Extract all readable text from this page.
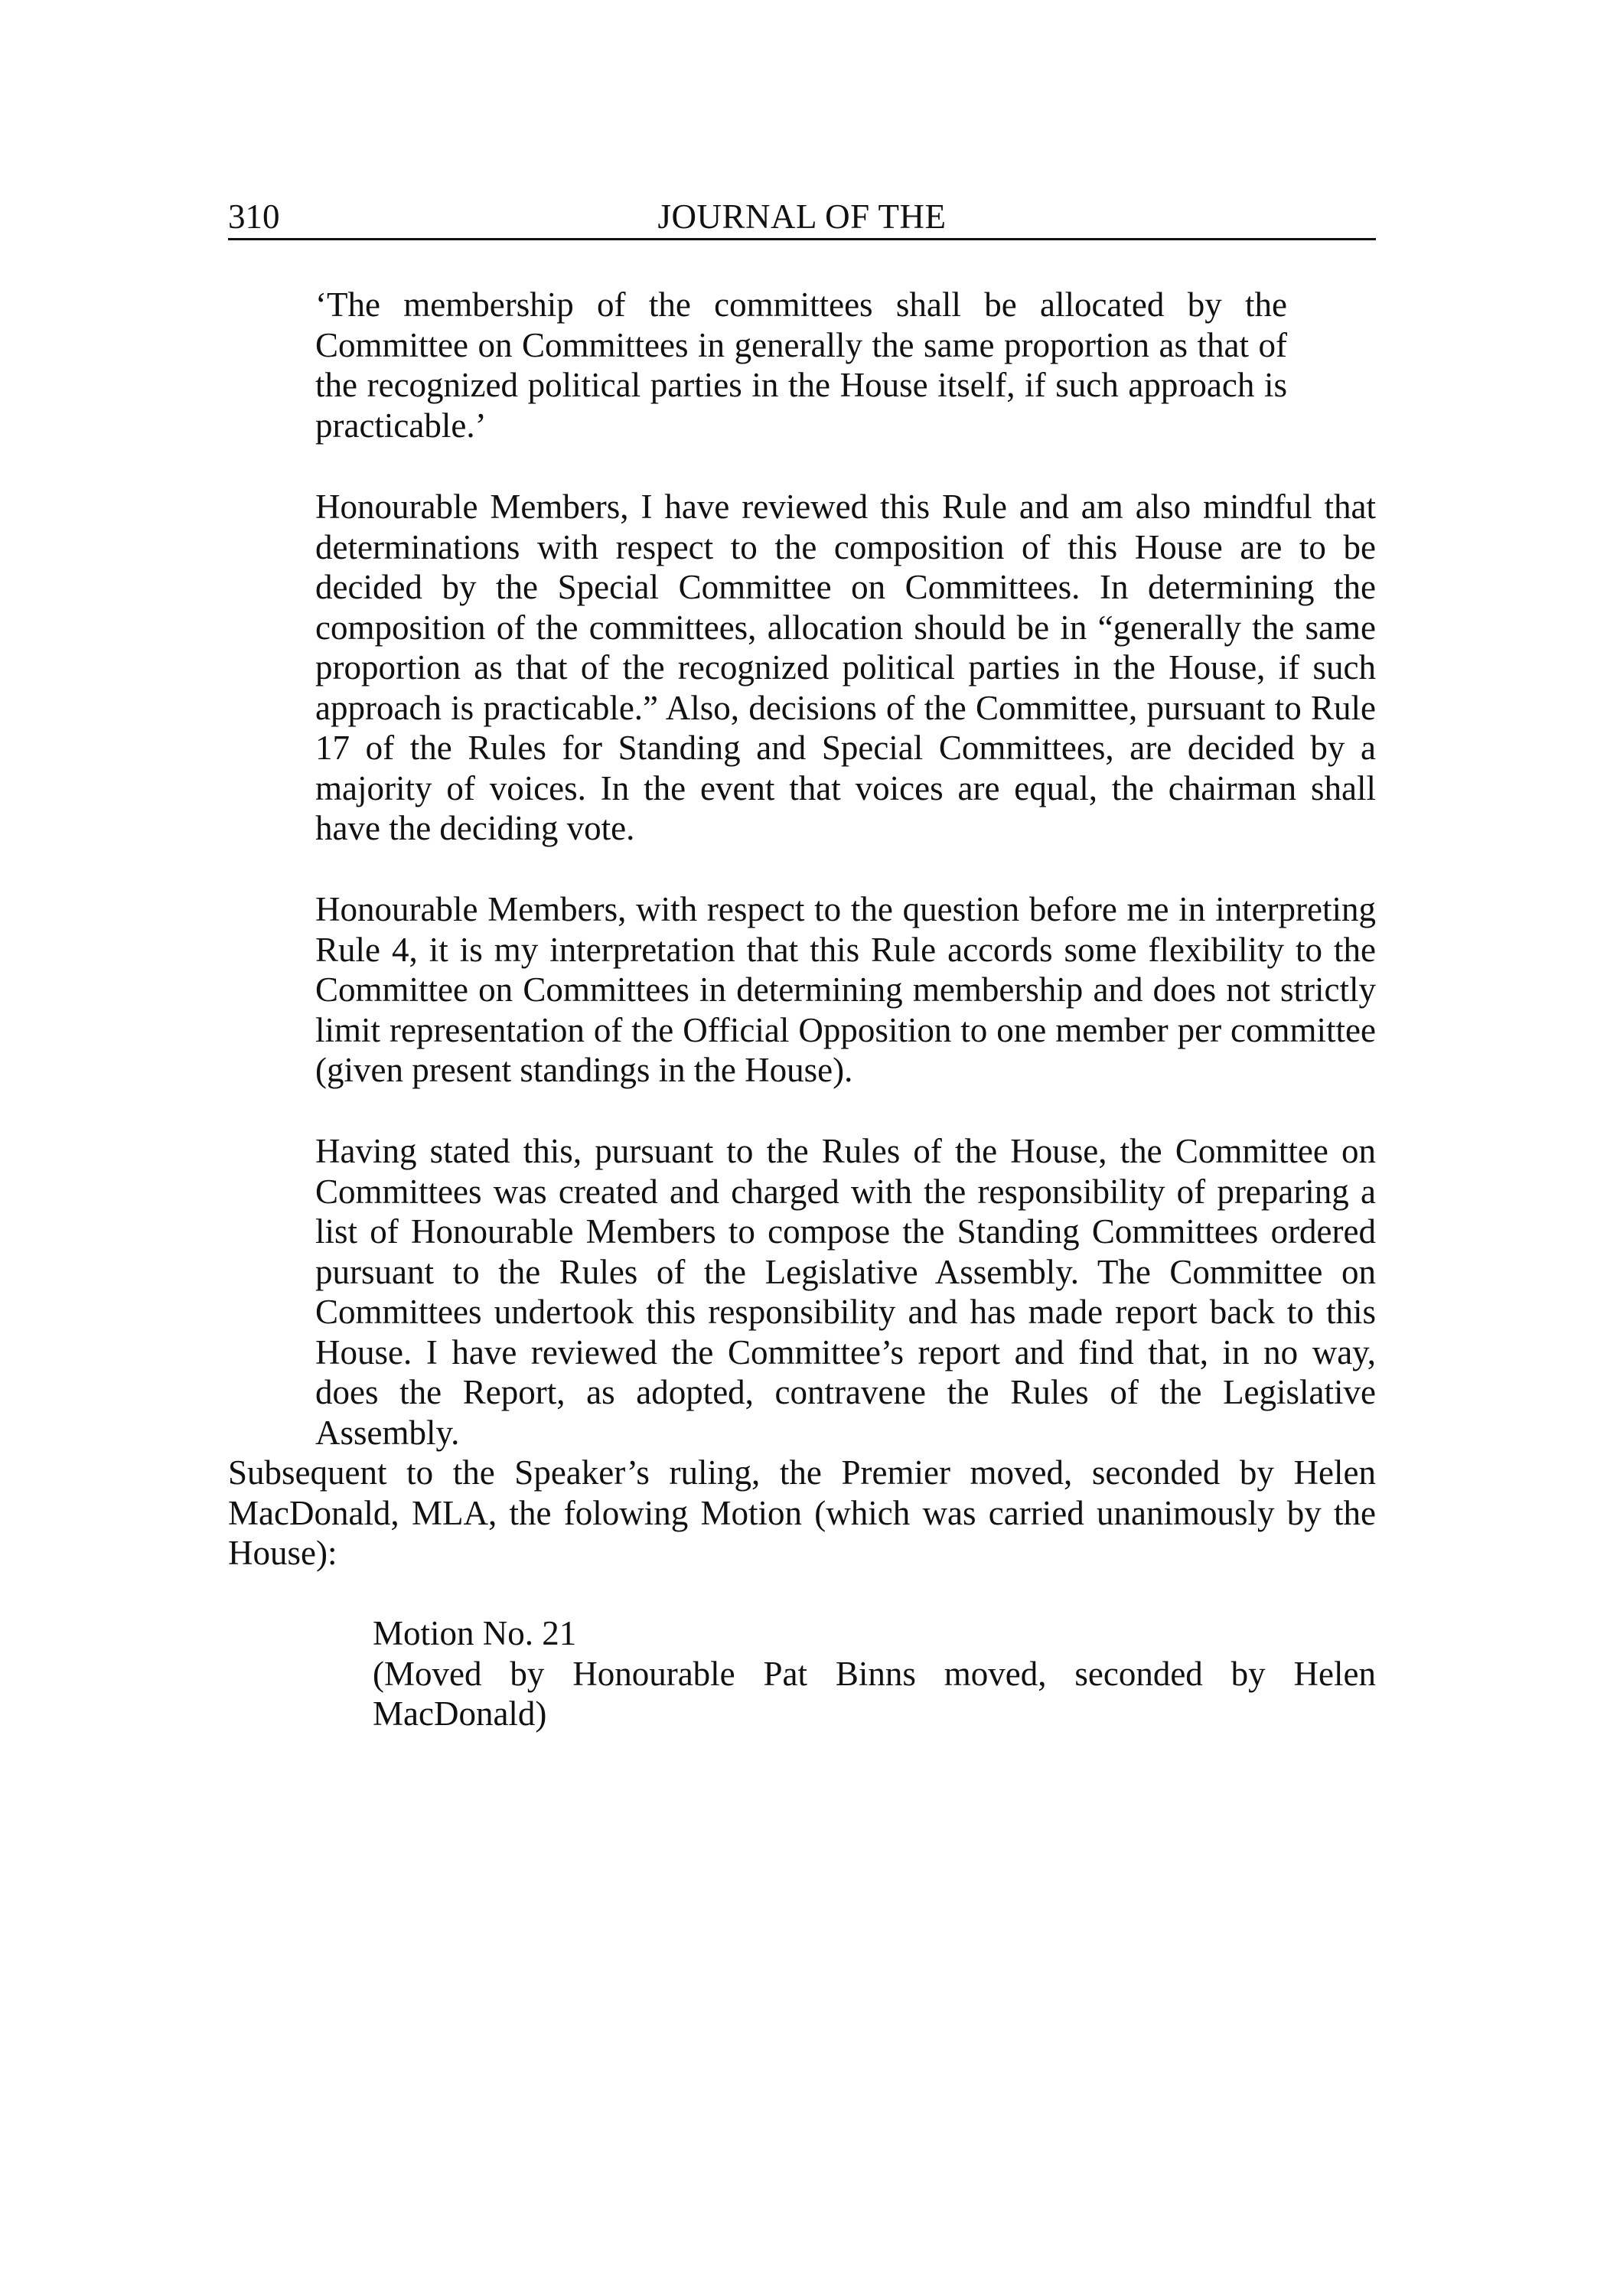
310	JOURNAL OF THE

‘The membership of the committees shall be allocated by the Committee on Committees in generally the same proportion as that of the recognized political parties in the House itself, if such approach is practicable.’

Honourable Members, I have reviewed this Rule and am also mindful that determinations with respect to the composition of this House are to be decided by the Special Committee on Committees. In determining the composition of the committees, allocation should be in “generally the same proportion as that of the recognized political parties in the House, if such approach is practicable.” Also, decisions of the Committee, pursuant to Rule 17 of the Rules for Standing and Special Committees, are decided by a majority of voices. In the event that voices are equal, the chairman shall have the deciding vote.

Honourable Members, with respect to the question before me in interpreting Rule 4, it is my interpretation that this Rule accords some flexibility to the Committee on Committees in determining membership and does not strictly limit representation of the Official Opposition to one member per committee (given present standings in the House).

Having stated this, pursuant to the Rules of the House, the Committee on Committees was created and charged with the responsibility of preparing a list of Honourable Members to compose the Standing Committees ordered pursuant to the Rules of the Legislative Assembly. The Committee on Committees undertook this responsibility and has made report back to this House. I have reviewed the Committee’s report and find that, in no way, does the Report, as adopted, contravene the Rules of the Legislative Assembly.

Subsequent to the Speaker’s ruling, the Premier moved, seconded by Helen MacDonald, MLA, the folowing Motion (which was carried unanimously by the House):

Motion No. 21
(Moved by Honourable Pat Binns moved, seconded by Helen MacDonald)
